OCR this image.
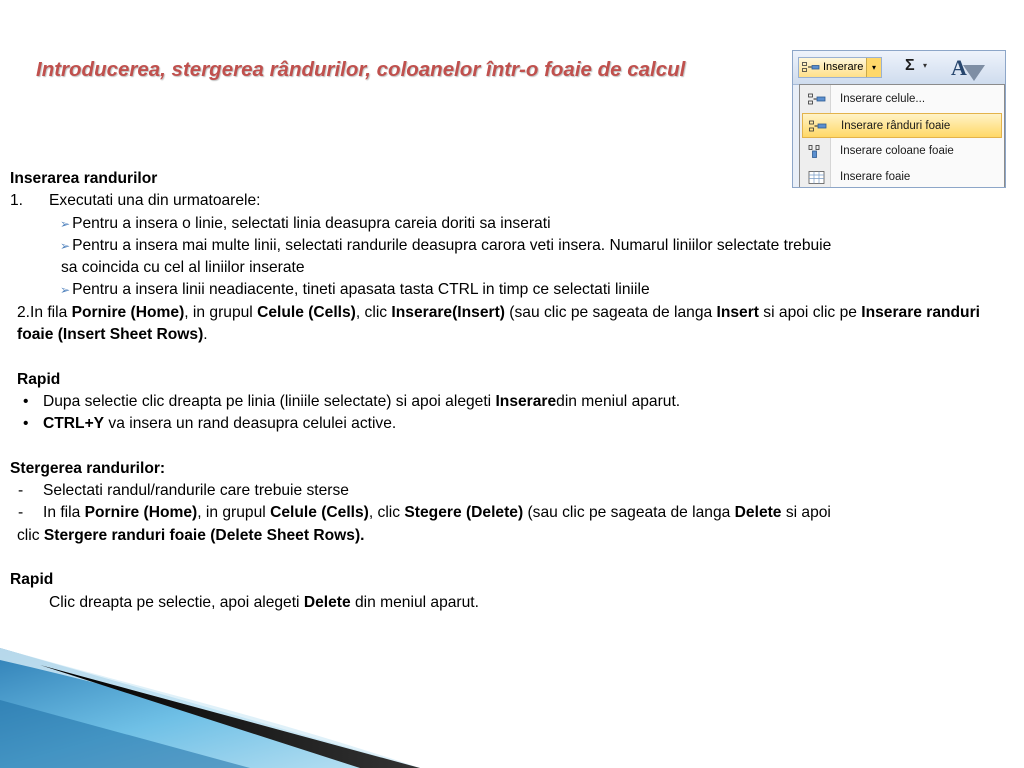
Introducerea, stergerea rândurilor, coloanelor într-o foaie de calcul	Inserare	▾	Σ ▾ A
Inserare celule...
Inserare rânduri foaie
Inserare coloane foaie
Inserare foaie

Inserarea randurilor

1. Executati una din urmatoarele:

➢ Pentru a insera o linie, selectati linia deasupra careia doriti sa inserati

➢ Pentru a insera mai multe linii, selectati randurile deasupra carora veti insera. Numarul liniilor selectate trebuie

sa coincida cu cel al liniilor inserate

➢ Pentru a insera linii neadiacente, tineti apasata tasta CTRL in timp ce selectati liniile

2.In fila Pornire (Home), in grupul Celule (Cells), clic Inserare(Insert) (sau clic pe sageata de langa Insert si apoi clic pe Inserare randuri foaie (Insert Sheet Rows).

Rapid

• Dupa selectie clic dreapta pe linia (liniile selectate) si apoi alegeti Inseraredin meniul aparut.

• CTRL+Y va insera un rand deasupra celulei active.

Stergerea randurilor:

- Selectati randul/randurile care trebuie sterse

- In fila Pornire (Home), in grupul Celule (Cells), clic Stegere (Delete) (sau clic pe sageata de langa Delete si apoi

clic Stergere randuri foaie (Delete Sheet Rows).

Rapid

Clic dreapta pe selectie, apoi alegeti Delete din meniul aparut.
